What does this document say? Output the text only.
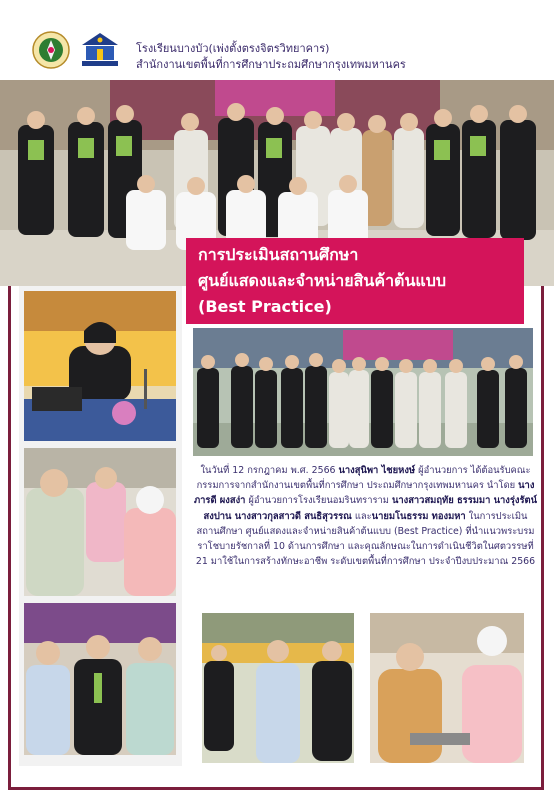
โรงเรียนบางบัว(เพ่งตั้งตรงจิตรวิทยาคาร)
สำนักงานเขตพื้นที่การศึกษาประถมศึกษากรุงเทพมหานคร
การประเมินสถานศึกษา
ศูนย์แสดงและจำหน่ายสินค้าต้นแบบ
(Best Practice)
ในวันที่ 12 กรกฎาคม พ.ศ. 2566 นางสุนิพา ไชยหงษ์ ผู้อำนวยการ ได้ต้อนรับคณะกรรมการจากสำนักงานเขตพื้นที่การศึกษา ประถมศึกษากรุงเทพมหานคร นำโดย นางภารดี ผงสง่า ผู้อำนวยการโรงเรียนอมรินทราราม นางสาวสมฤทัย ธรรมมา นางรุ่งรัตน์ สงปาน นางสาวกุลสาวดี สนธิสุวรรณ และนายมโนธรรม ทองมหา ในการประเมินสถานศึกษา ศูนย์แสดงและจำหน่ายสินค้าต้นแบบ (Best Practice) ที่นำแนวพระบรมราโชบายรัชกาลที่ 10 ด้านการศึกษา และคุณลักษณะในการดำเนินชีวิตในศตวรรษที่ 21 มาใช้ในการสร้างทักษะอาชีพ ระดับเขตพื้นที่การศึกษา ประจำปีงบประมาณ 2566
